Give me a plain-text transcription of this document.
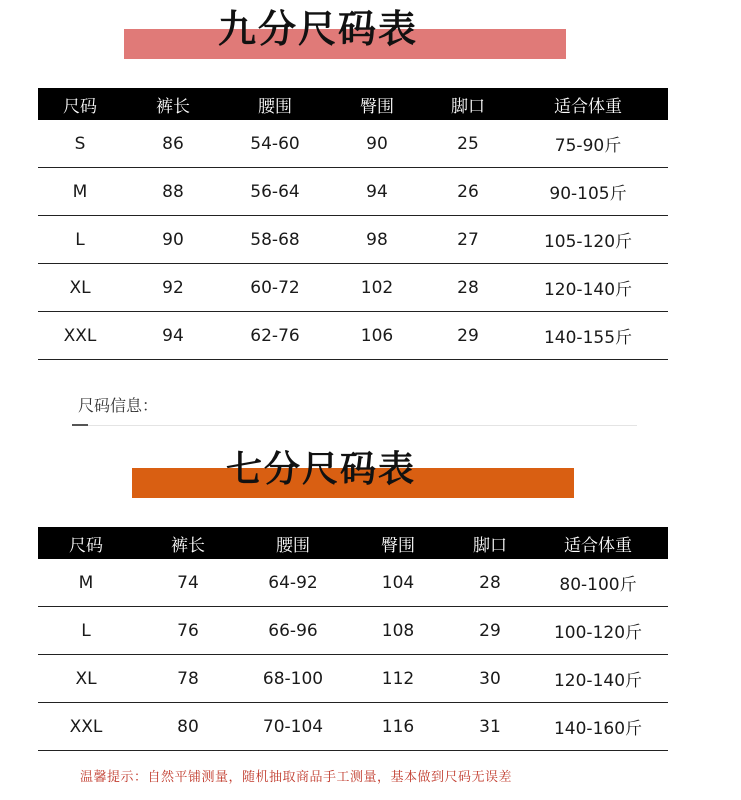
九分尺码表
尺码	裤长	腰围	臀围	脚口	适合体重
S	86	54-60	90	25	75-90斤
M	88	56-64	94	26	90-105斤
L	90	58-68	98	27	105-120斤
XL	92	60-72	102	28	120-140斤
XXL	94	62-76	106	29	140-155斤
尺码信息：
七分尺码表
尺码	裤长	腰围	臀围	脚口	适合体重
M	74	64-92	104	28	80-100斤
L	76	66-96	108	29	100-120斤
XL	78	68-100	112	30	120-140斤
XXL	80	70-104	116	31	140-160斤
温馨提示：自然平铺测量，随机抽取商品手工测量，基本做到尺码无误差
